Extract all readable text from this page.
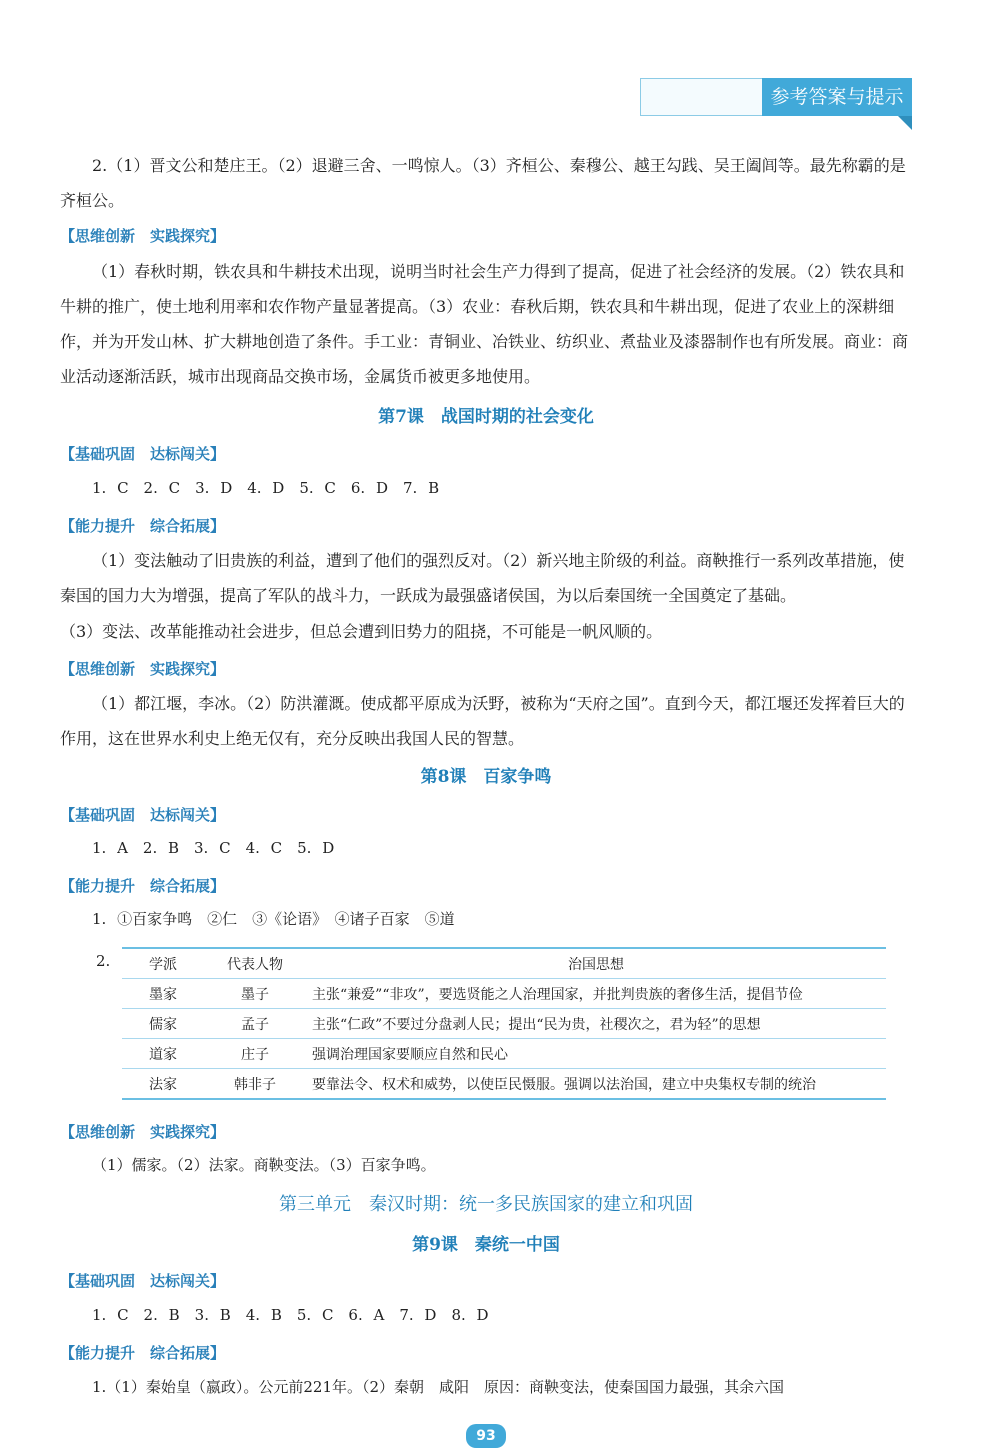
参考答案与提示
2.（1）晋文公和楚庄王。（2）退避三舍、一鸣惊人。（3）齐桓公、秦穆公、越王勾践、吴王阖闾等。最先称霸的是齐桓公。
【思维创新　实践探究】
（1）春秋时期，铁农具和牛耕技术出现，说明当时社会生产力得到了提高，促进了社会经济的发展。（2）铁农具和牛耕的推广，使土地利用率和农作物产量显著提高。（3）农业：春秋后期，铁农具和牛耕出现，促进了农业上的深耕细作，并为开发山林、扩大耕地创造了条件。手工业：青铜业、冶铁业、纺织业、煮盐业及漆器制作也有所发展。商业：商业活动逐渐活跃，城市出现商品交换市场，金属货币被更多地使用。
第7课　战国时期的社会变化
【基础巩固　达标闯关】
1. C　2. C　3. D　4. D　5. C　6. D　7. B
【能力提升　综合拓展】
（1）变法触动了旧贵族的利益，遭到了他们的强烈反对。（2）新兴地主阶级的利益。商鞅推行一系列改革措施，使秦国的国力大为增强，提高了军队的战斗力，一跃成为最强盛诸侯国，为以后秦国统一全国奠定了基础。
（3）变法、改革能推动社会进步，但总会遭到旧势力的阻挠，不可能是一帆风顺的。
【思维创新　实践探究】
（1）都江堰，李冰。（2）防洪灌溉。使成都平原成为沃野，被称为“天府之国”。直到今天，都江堰还发挥着巨大的作用，这在世界水利史上绝无仅有，充分反映出我国人民的智慧。
第8课　百家争鸣
【基础巩固　达标闯关】
1. A　2. B　3. C　4. C　5. D
【能力提升　综合拓展】
1. ①百家争鸣　②仁　③《论语》　④诸子百家　⑤道
2.	学派	代表人物	治国思想
墨家	墨子	主张“兼爱”“非攻”，要选贤能之人治理国家，并批判贵族的奢侈生活，提倡节俭
儒家	孟子	主张“仁政”不要过分盘剥人民；提出“民为贵，社稷次之，君为轻”的思想
道家	庄子	强调治理国家要顺应自然和民心
法家	韩非子	要靠法令、权术和威势，以使臣民慑服。强调以法治国，建立中央集权专制的统治
【思维创新　实践探究】
（1）儒家。（2）法家。商鞅变法。（3）百家争鸣。
第三单元　秦汉时期：统一多民族国家的建立和巩固
第9课　秦统一中国
【基础巩固　达标闯关】
1. C　2. B　3. B　4. B　5. C　6. A　7. D　8. D
【能力提升　综合拓展】
1.（1）秦始皇（嬴政）。公元前221年。（2）秦朝　咸阳　原因：商鞅变法，使秦国国力最强，其余六国
93
